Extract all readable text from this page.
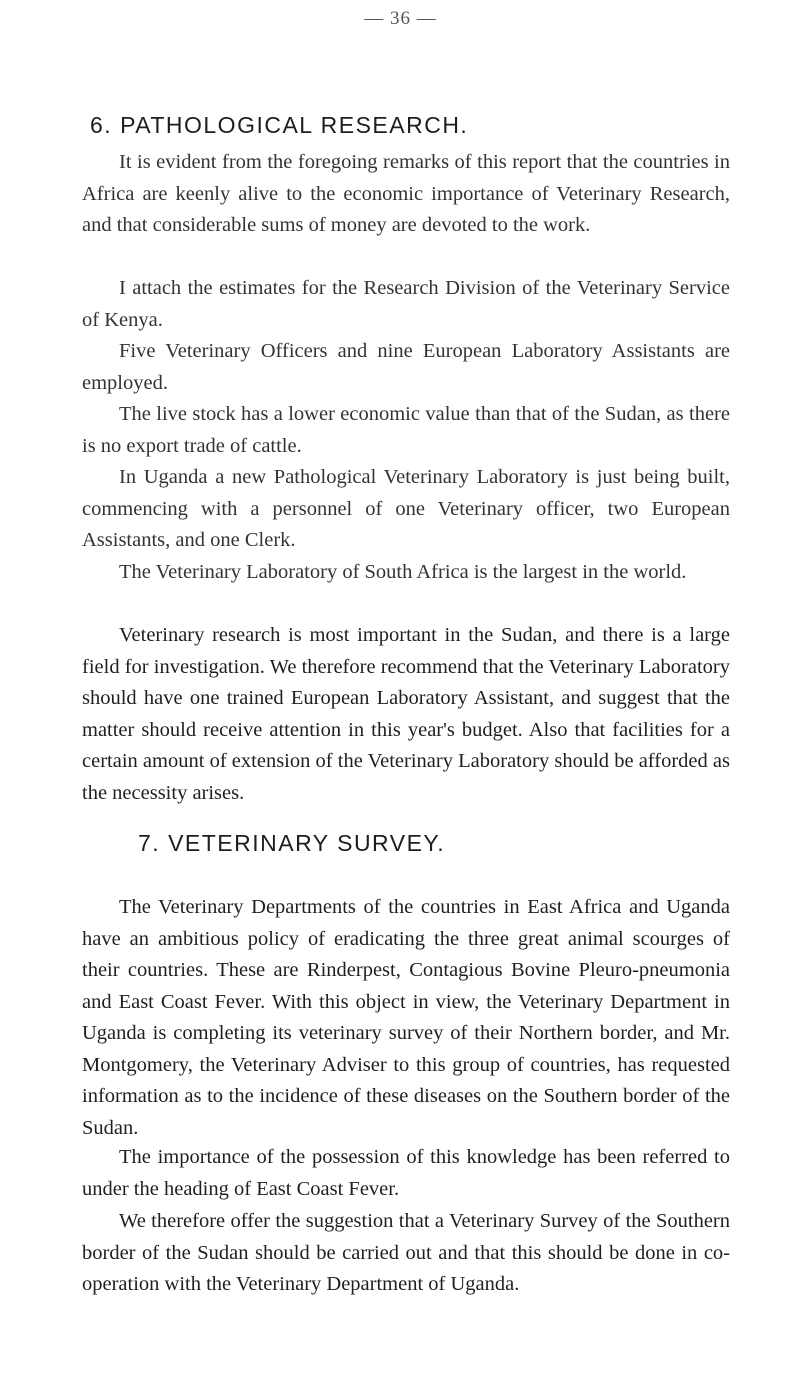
— 36 —
6. PATHOLOGICAL RESEARCH.

It is evident from the foregoing remarks of this report that the countries in Africa are keenly alive to the economic importance of Veterinary Research, and that considerable sums of money are devoted to the work.

I attach the estimates for the Research Division of the Veterinary Service of Kenya.

Five Veterinary Officers and nine European Laboratory Assistants are employed.

The live stock has a lower economic value than that of the Sudan, as there is no export trade of cattle.

In Uganda a new Pathological Veterinary Laboratory is just being built, commencing with a personnel of one Veterinary officer, two European Assistants, and one Clerk.

The Veterinary Laboratory of South Africa is the largest in the world.

Veterinary research is most important in the Sudan, and there is a large field for investigation. We therefore recommend that the Veterinary Laboratory should have one trained European Laboratory Assistant, and suggest that the matter should receive attention in this year's budget. Also that facilities for a certain amount of extension of the Veterinary Laboratory should be afforded as the necessity arises.

7. VETERINARY SURVEY.

The Veterinary Departments of the countries in East Africa and Uganda have an ambitious policy of eradicating the three great animal scourges of their countries. These are Rinderpest, Contagious Bovine Pleuro-pneumonia and East Coast Fever. With this object in view, the Veterinary Department in Uganda is completing its veterinary survey of their Northern border, and Mr. Montgomery, the Veterinary Adviser to this group of countries, has requested information as to the incidence of these diseases on the Southern border of the Sudan.

The importance of the possession of this knowledge has been referred to under the heading of East Coast Fever.

We therefore offer the suggestion that a Veterinary Survey of the Southern border of the Sudan should be carried out and that this should be done in co-operation with the Veterinary Department of Uganda.
